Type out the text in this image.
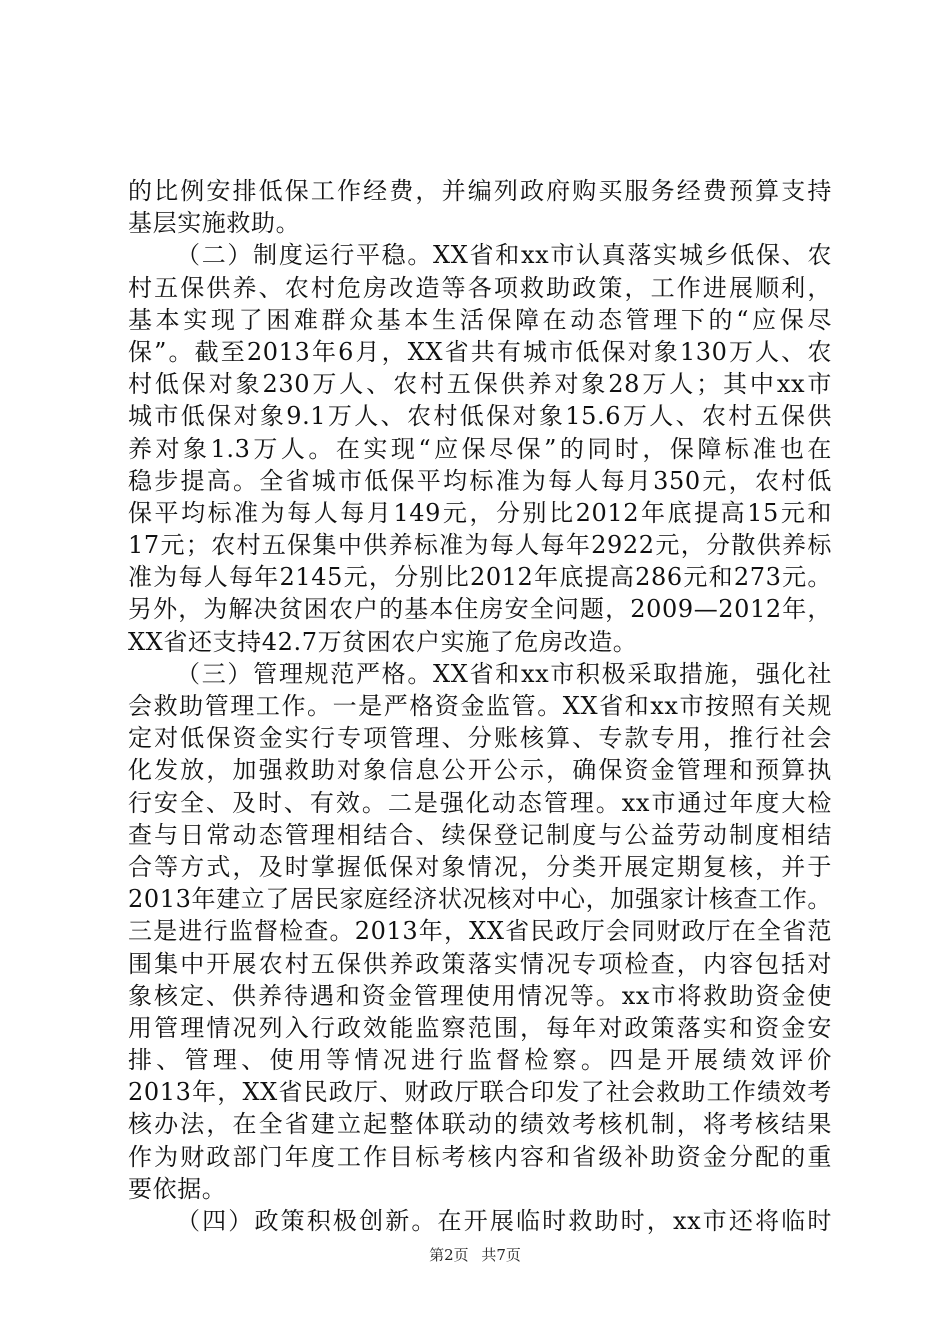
的比例安排低保工作经费，并编列政府购买服务经费预算支持
基层实施救助。
（二）制度运行平稳。XX省和xx市认真落实城乡低保、农
村五保供养、农村危房改造等各项救助政策，工作进展顺利，
基本实现了困难群众基本生活保障在动态管理下的“应保尽
保”。截至2013年6月，XX省共有城市低保对象130万人、农
村低保对象230万人、农村五保供养对象28万人；其中xx市
城市低保对象9.1万人、农村低保对象15.6万人、农村五保供
养对象1.3万人。在实现“应保尽保”的同时，保障标准也在
稳步提高。全省城市低保平均标准为每人每月350元，农村低
保平均标准为每人每月149元，分别比2012年底提高15元和
17元；农村五保集中供养标准为每人每年2922元，分散供养标
准为每人每年2145元，分别比2012年底提高286元和273元。
另外，为解决贫困农户的基本住房安全问题，2009—2012年，
XX省还支持42.7万贫困农户实施了危房改造。
（三）管理规范严格。XX省和xx市积极采取措施，强化社
会救助管理工作。一是严格资金监管。XX省和xx市按照有关规
定对低保资金实行专项管理、分账核算、专款专用，推行社会
化发放，加强救助对象信息公开公示，确保资金管理和预算执
行安全、及时、有效。二是强化动态管理。xx市通过年度大检
查与日常动态管理相结合、续保登记制度与公益劳动制度相结
合等方式，及时掌握低保对象情况，分类开展定期复核，并于
2013年建立了居民家庭经济状况核对中心，加强家计核查工作。
三是进行监督检查。2013年，XX省民政厅会同财政厅在全省范
围集中开展农村五保供养政策落实情况专项检查，内容包括对
象核定、供养待遇和资金管理使用情况等。xx市将救助资金使
用管理情况列入行政效能监察范围，每年对政策落实和资金安
排、管理、使用等情况进行监督检察。四是开展绩效评价
2013年，XX省民政厅、财政厅联合印发了社会救助工作绩效考
核办法，在全省建立起整体联动的绩效考核机制，将考核结果
作为财政部门年度工作目标考核内容和省级补助资金分配的重
要依据。
（四）政策积极创新。在开展临时救助时，xx市还将临时
第2页 共7页
